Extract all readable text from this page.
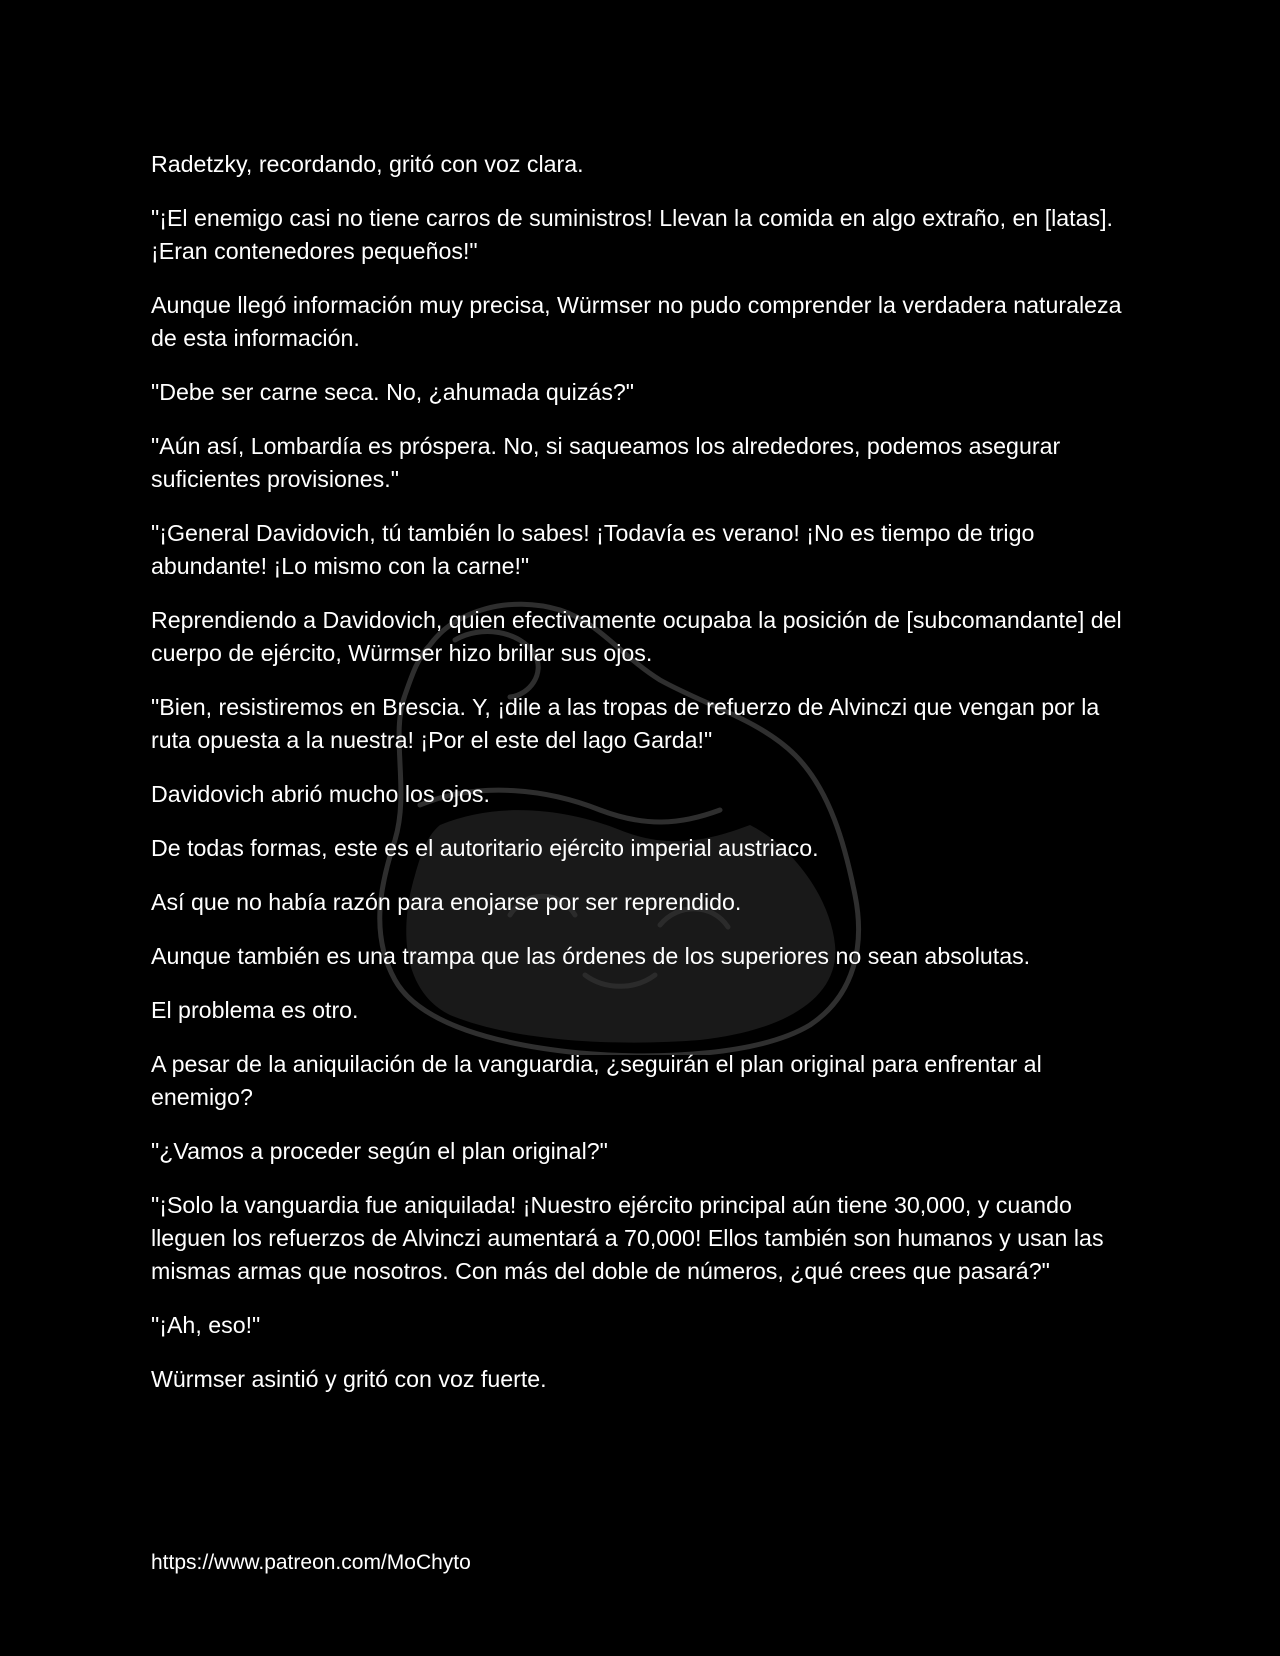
Radetzky, recordando, gritó con voz clara.

"¡El enemigo casi no tiene carros de suministros! Llevan la comida en algo extraño, en [latas]. ¡Eran contenedores pequeños!"

Aunque llegó información muy precisa, Würmser no pudo comprender la verdadera naturaleza de esta información.

"Debe ser carne seca. No, ¿ahumada quizás?"

"Aún así, Lombardía es próspera. No, si saqueamos los alrededores, podemos asegurar suficientes provisiones."

"¡General Davidovich, tú también lo sabes! ¡Todavía es verano! ¡No es tiempo de trigo abundante! ¡Lo mismo con la carne!"

Reprendiendo a Davidovich, quien efectivamente ocupaba la posición de [subcomandante] del cuerpo de ejército, Würmser hizo brillar sus ojos.

"Bien, resistiremos en Brescia. Y, ¡dile a las tropas de refuerzo de Alvinczi que vengan por la ruta opuesta a la nuestra! ¡Por el este del lago Garda!"

Davidovich abrió mucho los ojos.

De todas formas, este es el autoritario ejército imperial austriaco.

Así que no había razón para enojarse por ser reprendido.

Aunque también es una trampa que las órdenes de los superiores no sean absolutas.

El problema es otro.

A pesar de la aniquilación de la vanguardia, ¿seguirán el plan original para enfrentar al enemigo?

"¿Vamos a proceder según el plan original?"

"¡Solo la vanguardia fue aniquilada! ¡Nuestro ejército principal aún tiene 30,000, y cuando lleguen los refuerzos de Alvinczi aumentará a 70,000! Ellos también son humanos y usan las mismas armas que nosotros. Con más del doble de números, ¿qué crees que pasará?"

"¡Ah, eso!"

Würmser asintió y gritó con voz fuerte.

https://www.patreon.com/MoChyto
